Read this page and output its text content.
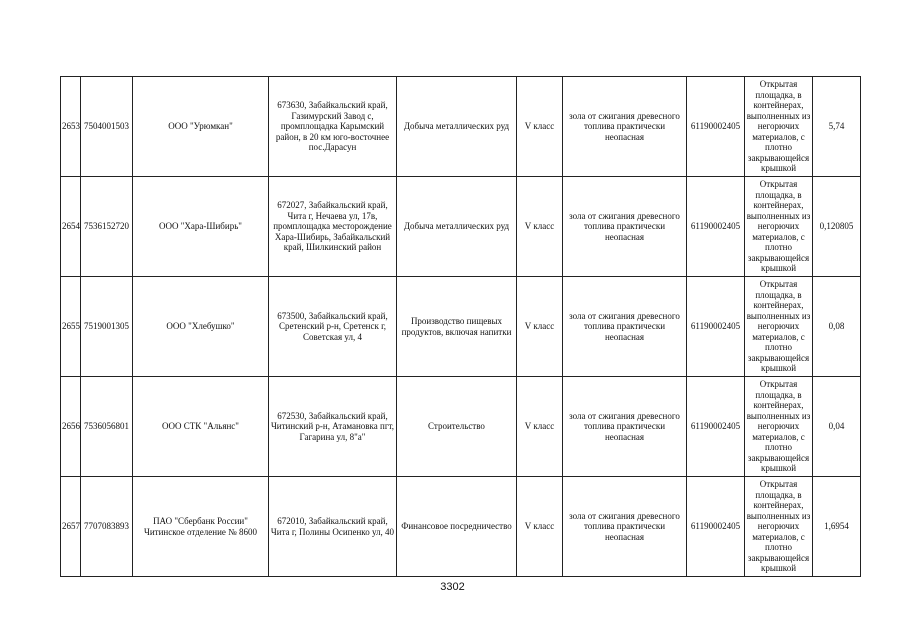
2653	7504001503	ООО "Урюмкан"	673630, Забайкальский край, Газимурский Завод с, промплощадка Карымский район, в 20 км юго-восточнее пос.Дарасун	Добыча металлических руд	V класс	зола от сжигания древесного топлива практически неопасная	61190002405	Открытая площадка, в контейнерах, выполненных из негорючих материалов, с плотно закрывающейся крышкой	5,74
2654	7536152720	ООО "Хара-Шибирь"	672027, Забайкальский край, Чита г, Нечаева ул, 17в, промплощадка месторождение Хара-Шибирь, Забайкальский край, Шилкинский район	Добыча металлических руд	V класс	зола от сжигания древесного топлива практически неопасная	61190002405	Открытая площадка, в контейнерах, выполненных из негорючих материалов, с плотно закрывающейся крышкой	0,120805
2655	7519001305	ООО "Хлебушко"	673500, Забайкальский край, Сретенский р-н, Сретенск г, Советская ул, 4	Производство пищевых продуктов, включая напитки	V класс	зола от сжигания древесного топлива практически неопасная	61190002405	Открытая площадка, в контейнерах, выполненных из негорючих материалов, с плотно закрывающейся крышкой	0,08
2656	7536056801	ООО СТК "Альянс"	672530, Забайкальский край, Читинский р-н, Атамановка пгт, Гагарина ул, 8"а"	Строительство	V класс	зола от сжигания древесного топлива практически неопасная	61190002405	Открытая площадка, в контейнерах, выполненных из негорючих материалов, с плотно закрывающейся крышкой	0,04
2657	7707083893	ПАО "Сбербанк России" Читинское отделение № 8600	672010, Забайкальский край, Чита г, Полины Осипенко ул, 40	Финансовое посредничество	V класс	зола от сжигания древесного топлива практически неопасная	61190002405	Открытая площадка, в контейнерах, выполненных из негорючих материалов, с плотно закрывающейся крышкой	1,6954
3302
